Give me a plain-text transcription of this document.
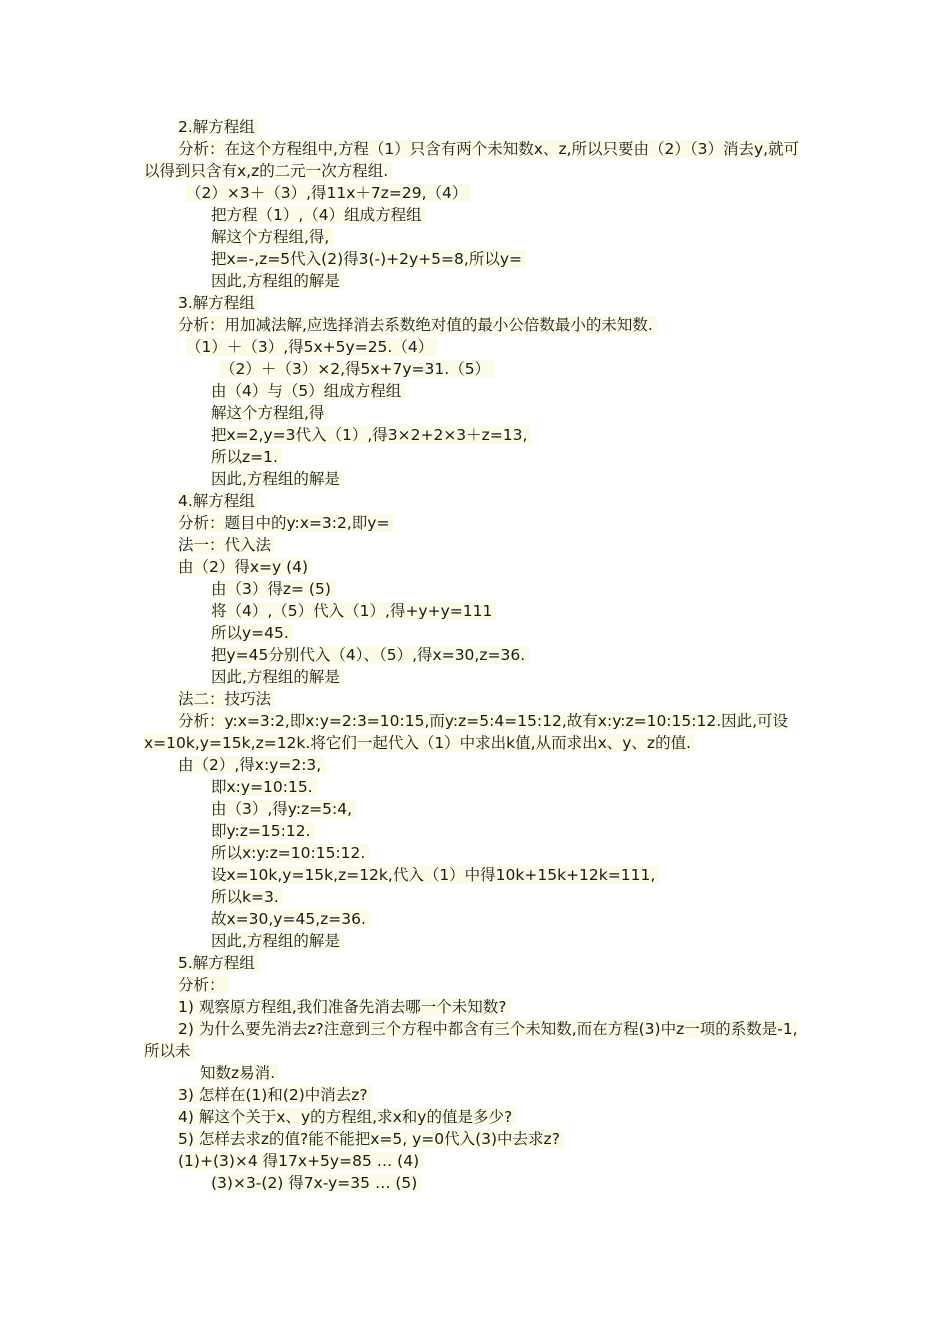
2.解方程组
分析：在这个方程组中,方程（1）只含有两个未知数x、z,所以只要由（2）（3）消去y,就可以得到只含有x,z的二元一次方程组.
（2）×3＋（3）,得11x＋7z=29,（4）
把方程（1）,（4）组成方程组
解这个方程组,得,
把x=-,z=5代入(2)得3(-)+2y+5=8,所以y=
因此,方程组的解是
3.解方程组
分析：用加减法解,应选择消去系数绝对值的最小公倍数最小的未知数.
（1）＋（3）,得5x+5y=25.（4）
（2）＋（3）×2,得5x+7y=31.（5）
由（4）与（5）组成方程组
解这个方程组,得
把x=2,y=3代入（1）,得3×2+2×3＋z=13,
所以z=1.
因此,方程组的解是
4.解方程组
分析：题目中的y:x=3:2,即y=
法一：代入法
由（2）得x=y (4)
由（3）得z= (5)
将（4）,（5）代入（1）,得+y+y=111
所以y=45.
把y=45分别代入（4）、（5）,得x=30,z=36.
因此,方程组的解是
法二：技巧法
分析：y:x=3:2,即x:y=2:3=10:15,而y:z=5:4=15:12,故有x:y:z=10:15:12.因此,可设x=10k,y=15k,z=12k.将它们一起代入（1）中求出k值,从而求出x、y、z的值.
由（2）,得x:y=2:3,
即x:y=10:15.
由（3）,得y:z=5:4,
即y:z=15:12.
所以x:y:z=10:15:12.
设x=10k,y=15k,z=12k,代入（1）中得10k+15k+12k=111,
所以k=3.
故x=30,y=45,z=36.
因此,方程组的解是
5.解方程组
分析：
1) 观察原方程组,我们准备先消去哪一个未知数?
2) 为什么要先消去z?注意到三个方程中都含有三个未知数,而在方程(3)中z一项的系数是-1,所以未
知数z易消.
3) 怎样在(1)和(2)中消去z?
4) 解这个关于x、y的方程组,求x和y的值是多少?
5) 怎样去求z的值?能不能把x=5, y=0代入(3)中去求z?
(1)+(3)×4 得17x+5y=85 … (4)
(3)×3-(2) 得7x-y=35 … (5)
